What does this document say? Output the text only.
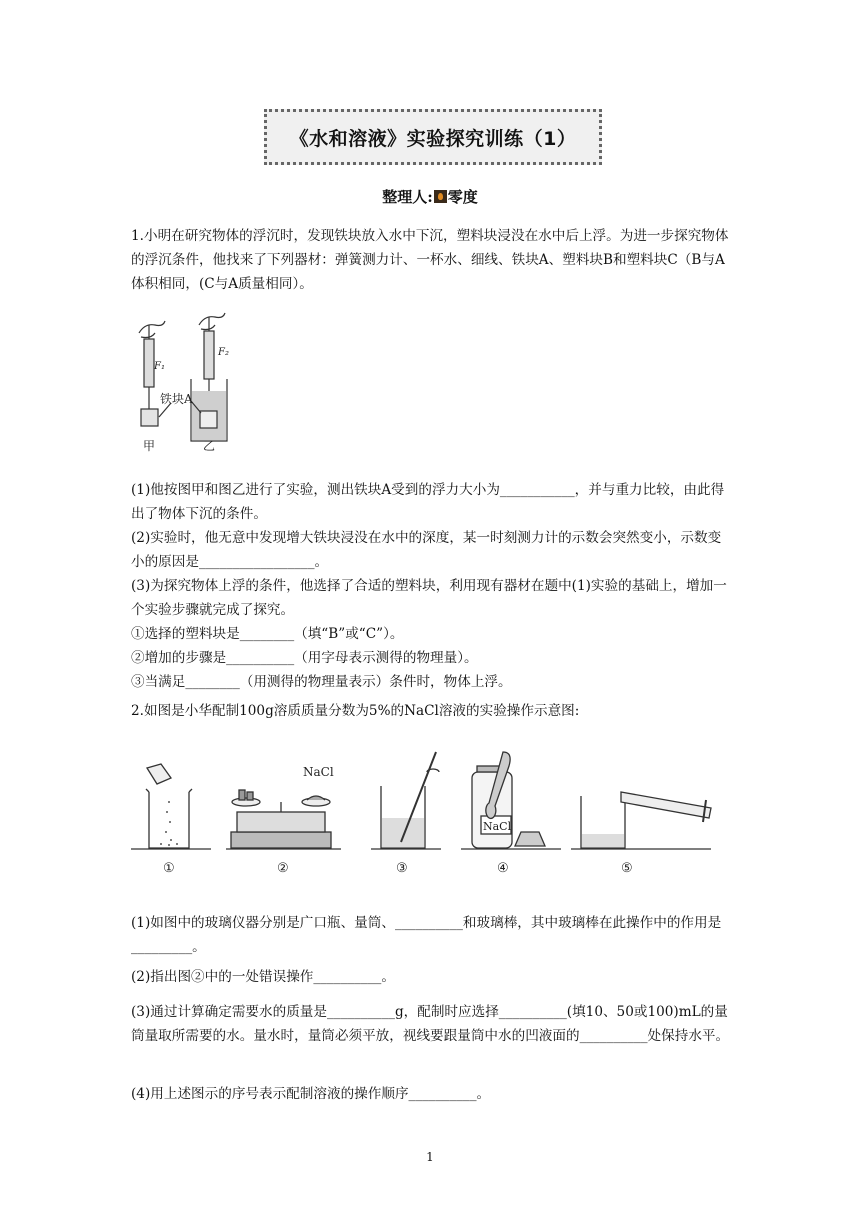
《水和溶液》实验探究训练（1）
整理人: 零度
1.小明在研究物体的浮沉时，发现铁块放入水中下沉，塑料块浸没在水中后上浮。为进一步探究物体的浮沉条件，他找来了下列器材：弹簧测力计、一杯水、细线、铁块A、塑料块B和塑料块C（B与A体积相同，(C与A质量相同）。
F₁
F₂
铁块A
甲	乙
(1)他按图甲和图乙进行了实验，测出铁块A受到的浮力大小为___________，并与重力比较，由此得出了物体下沉的条件。
(2)实验时，他无意中发现增大铁块浸没在水中的深度，某一时刻测力计的示数会突然变小，示数变小的原因是_________________。
(3)为探究物体上浮的条件，他选择了合适的塑料块，利用现有器材在题中(1)实验的基础上，增加一个实验步骤就完成了探究。
①选择的塑料块是________（填“B”或“C”）。
②增加的步骤是__________（用字母表示测得的物理量）。
③当满足________（用测得的物理量表示）条件时，物体上浮。
2.如图是小华配制100g溶质质量分数为5%的NaCl溶液的实验操作示意图:
NaCl
NaCl
①	②	③	④	⑤
(1)如图中的玻璃仪器分别是广口瓶、量筒、__________和玻璃棒，其中玻璃棒在此操作中的作用是_________。
(2)指出图②中的一处错误操作__________。
(3)通过计算确定需要水的质量是__________g，配制时应选择__________(填10、50或100)mL的量筒量取所需要的水。量水时，量筒必须平放，视线要跟量筒中水的凹液面的__________处保持水平。
(4)用上述图示的序号表示配制溶液的操作顺序__________。
1
